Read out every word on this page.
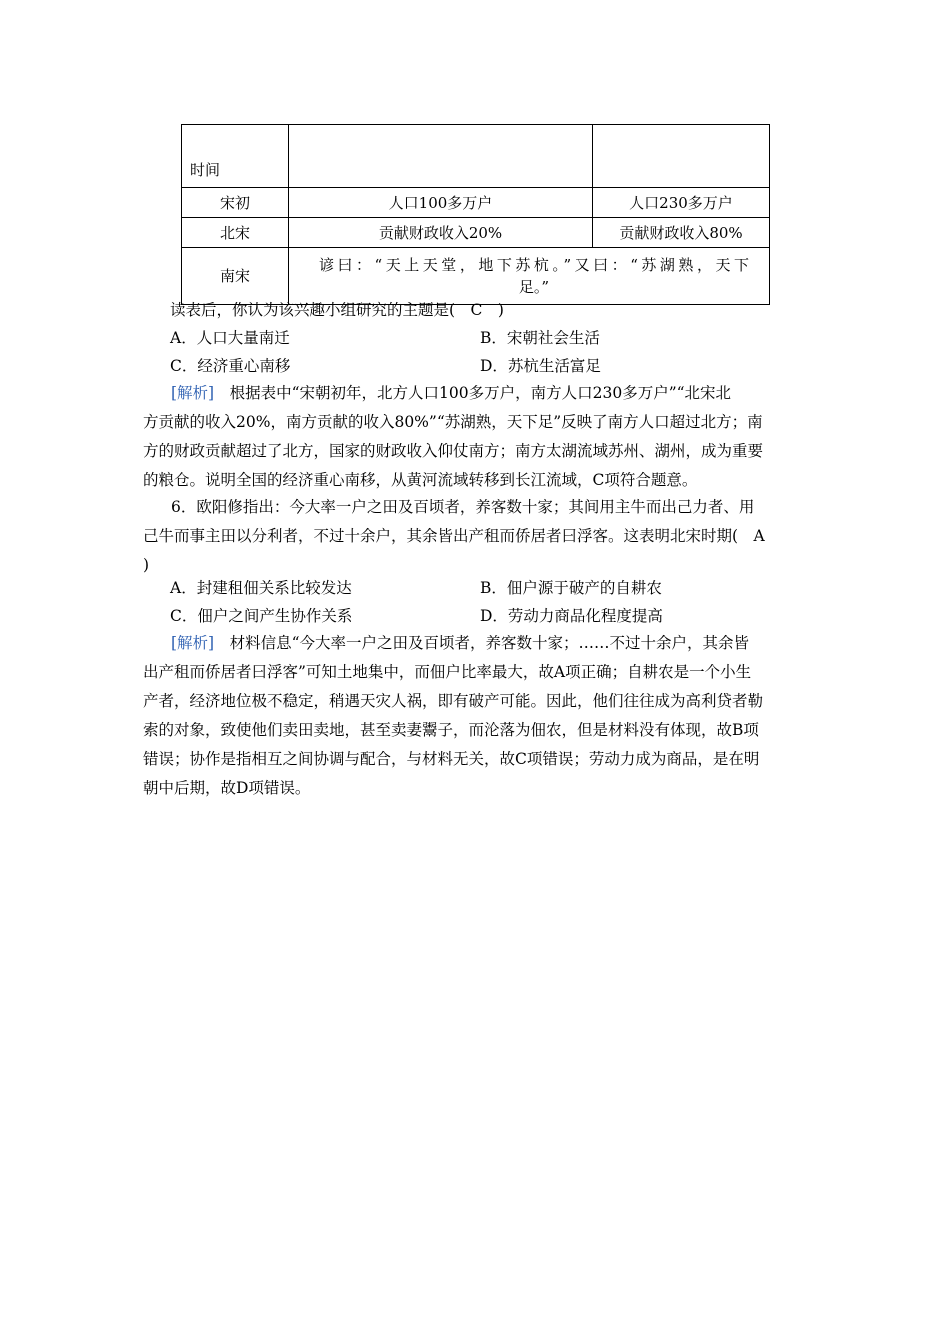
时间		
宋初	人口100多万户	人口230多万户
北宋	贡献财政收入20%	贡献财政收入80%
南宋	谚曰：“天上天堂，地下苏杭。”又曰：“苏湖熟，天下
足。”	
读表后，你认为该兴趣小组研究的主题是(　C　)
A．人口大量南迁	B．宋朝社会生活
C．经济重心南移	D．苏杭生活富足
[解析]　根据表中“宋朝初年，北方人口100多万户，南方人口230多万户”“北宋北
方贡献的收入20%，南方贡献的收入80%”“苏湖熟，天下足”反映了南方人口超过北方；南
方的财政贡献超过了北方，国家的财政收入仰仗南方；南方太湖流域苏州、湖州，成为重要
的粮仓。说明全国的经济重心南移，从黄河流域转移到长江流域，C项符合题意。
6．欧阳修指出：今大率一户之田及百顷者，养客数十家；其间用主牛而出己力者、用
己牛而事主田以分利者，不过十余户，其余皆出产租而侨居者曰浮客。这表明北宋时期(　A
)
A．封建租佃关系比较发达	B．佃户源于破产的自耕农
C．佃户之间产生协作关系	D．劳动力商品化程度提高
[解析]　材料信息“今大率一户之田及百顷者，养客数十家；……不过十余户，其余皆
出产租而侨居者曰浮客”可知土地集中，而佃户比率最大，故A项正确；自耕农是一个小生
产者，经济地位极不稳定，稍遇天灾人祸，即有破产可能。因此，他们往往成为高利贷者勒
索的对象，致使他们卖田卖地，甚至卖妻鬻子，而沦落为佃农，但是材料没有体现，故B项
错误；协作是指相互之间协调与配合，与材料无关，故C项错误；劳动力成为商品，是在明
朝中后期，故D项错误。
